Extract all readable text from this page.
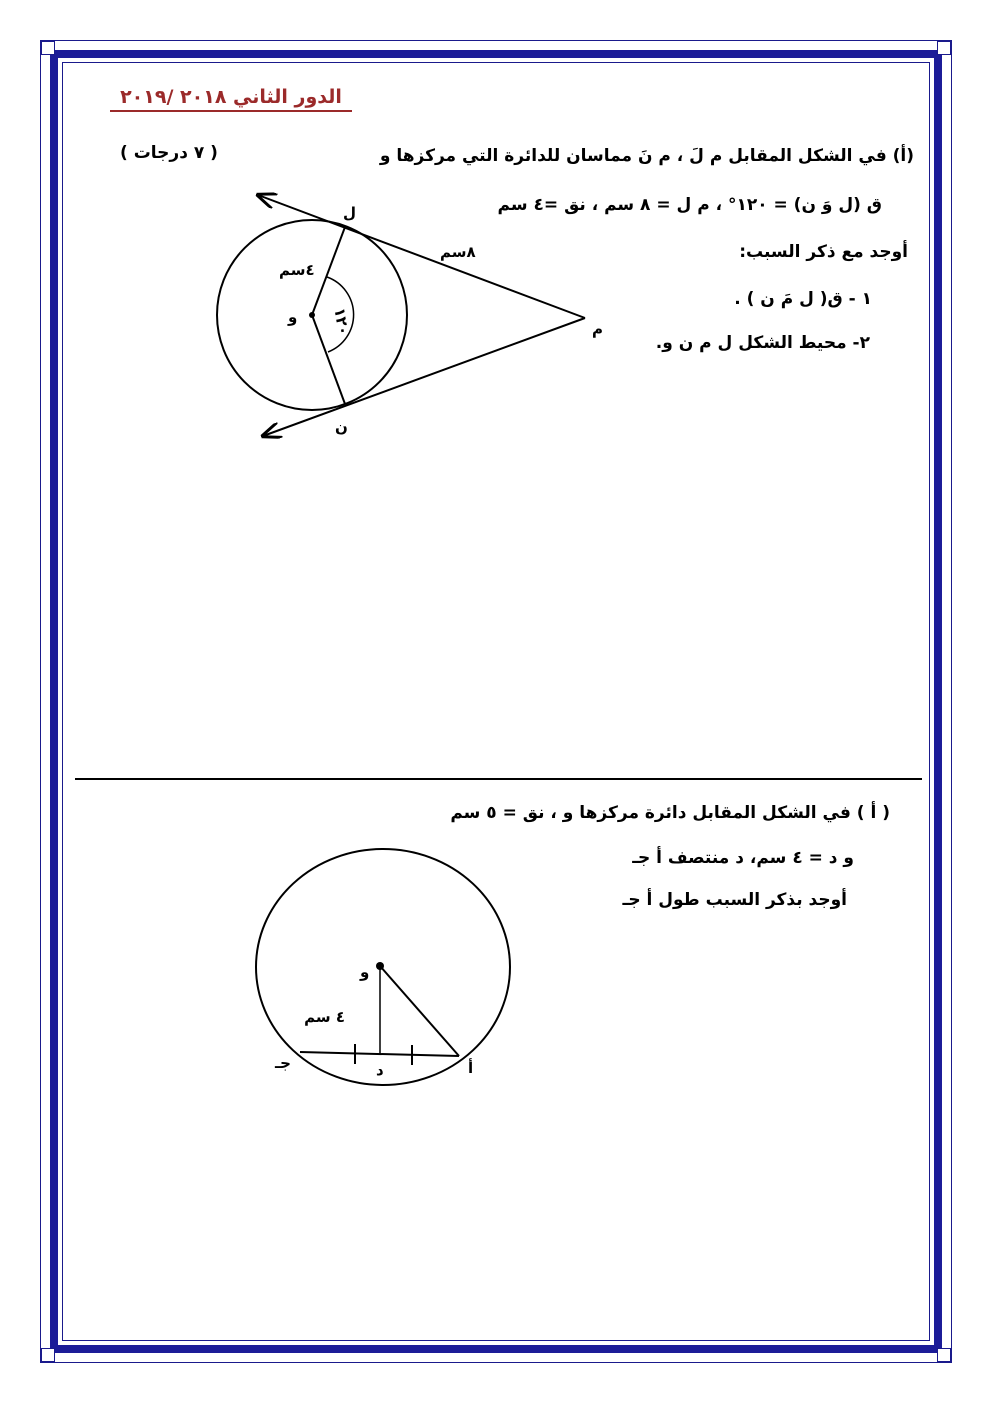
الدور الثاني ٢٠١٨ /٢٠١٩
( ٧ درجات )	(أ) في الشكل المقابل م لَ ، م نَ مماسان للدائرة التي مركزها و
ق (ل وَ ن) = ١٢٠° ، م ل = ٨ سم ، نق =٤ سم
أوجد مع ذكر السبب:
١ - ق( ل مَ ن ) .
٢- محيط الشكل ل م ن و.
ل
ن
م
و
٤سم
٨سم
١٢٠
( أ ) في الشكل المقابل دائرة مركزها و ، نق = ٥ سم
و د = ٤ سم، د منتصف أ جـ
أوجد بذكر السبب طول أ جـ
و
د	أ
جـ
٤ سم
